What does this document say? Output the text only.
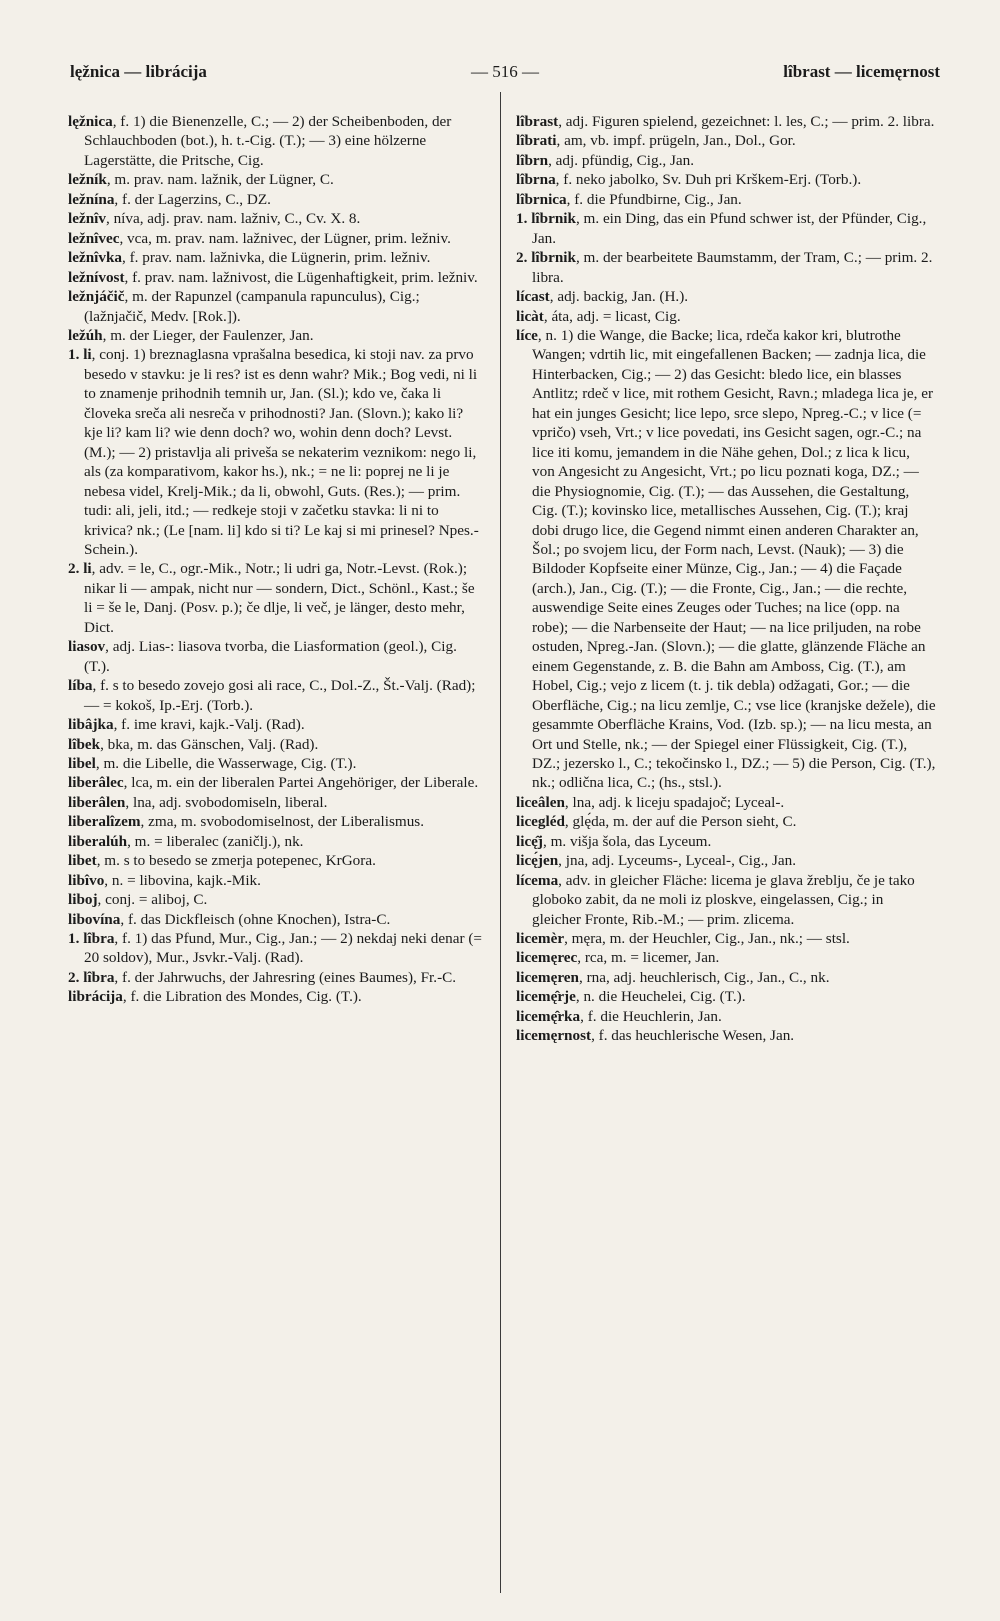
lęžnica — librácija	— 516 —	lîbrast — licemęrnost

lęžnica, f. 1) die Bienenzelle, C.; — 2) der Scheibenboden, der Schlauchboden (bot.), h. t.-Cig. (T.); — 3) eine hölzerne Lagerstätte, die Pritsche, Cig.

ležník, m. prav. nam. lažnik, der Lügner, C.

ležnína, f. der Lagerzins, C., DZ.

ležnîv, níva, adj. prav. nam. lažniv, C., Cv. X. 8.

ležnîvec, vca, m. prav. nam. lažnivec, der Lügner, prim. ležniv.

ležnîvka, f. prav. nam. lažnivka, die Lügnerin, prim. ležniv.

ležnívost, f. prav. nam. lažnivost, die Lügenhaftigkeit, prim. ležniv.

ležnjáčič, m. der Rapunzel (campanula rapunculus), Cig.; (lažnjačič, Medv. [Rok.]).

ležúh, m. der Lieger, der Faulenzer, Jan.

1. li, conj. 1) breznaglasna vprašalna besedica, ki stoji nav. za prvo besedo v stavku: je li res? ist es denn wahr? Mik.; Bog vedi, ni li to znamenje prihodnih temnih ur, Jan. (Sl.); kdo ve, čaka li človeka sreča ali nesreča v prihodnosti? Jan. (Slovn.); kako li? kje li? kam li? wie denn doch? wo, wohin denn doch? Levst. (M.); — 2) pristavlja ali priveša se nekaterim veznikom: nego li, als (za komparativom, kakor hs.), nk.; = ne li: poprej ne li je nebesa videl, Krelj-Mik.; da li, obwohl, Guts. (Res.); — prim. tudi: ali, jeli, itd.; — redkeje stoji v začetku stavka: li ni to krivica? nk.; (Le [nam. li] kdo si ti? Le kaj si mi prinesel? Npes.-Schein.).

2. li, adv. = le, C., ogr.-Mik., Notr.; li udri ga, Notr.-Levst. (Rok.); nikar li — ampak, nicht nur — sondern, Dict., Schönl., Kast.; še li = še le, Danj. (Posv. p.); če dlje, li več, je länger, desto mehr, Dict.

liasov, adj. Lias-: liasova tvorba, die Liasformation (geol.), Cig. (T.).

líba, f. s to besedo zovejo gosi ali race, C., Dol.-Z., Št.-Valj. (Rad); — = kokoš, Ip.-Erj. (Torb.).

libâjka, f. ime kravi, kajk.-Valj. (Rad).

lîbek, bka, m. das Gänschen, Valj. (Rad).

libel, m. die Libelle, die Wasserwage, Cig. (T.).

liberâlec, lca, m. ein der liberalen Partei Angehöriger, der Liberale.

liberâlen, lna, adj. svobodomiseln, liberal.

liberalîzem, zma, m. svobodomiselnost, der Liberalismus.

liberalúh, m. = liberalec (zaničlj.), nk.

libet, m. s to besedo se zmerja potepenec, KrGora.

libîvo, n. = libovina, kajk.-Mik.

liboj, conj. = aliboj, C.

libovína, f. das Dickfleisch (ohne Knochen), Istra-C.

1. lîbra, f. 1) das Pfund, Mur., Cig., Jan.; — 2) nekdaj neki denar (= 20 soldov), Mur., Jsvkr.-Valj. (Rad).

2. lîbra, f. der Jahrwuchs, der Jahresring (eines Baumes), Fr.-C.

librácija, f. die Libration des Mondes, Cig. (T.).

lîbrast, adj. Figuren spielend, gezeichnet: l. les, C.; — prim. 2. libra.

lîbrati, am, vb. impf. prügeln, Jan., Dol., Gor.

lîbrn, adj. pfündig, Cig., Jan.

lîbrna, f. neko jabolko, Sv. Duh pri Krškem-Erj. (Torb.).

lîbrnica, f. die Pfundbirne, Cig., Jan.

1. lîbrnik, m. ein Ding, das ein Pfund schwer ist, der Pfünder, Cig., Jan.

2. lîbrnik, m. der bearbeitete Baumstamm, der Tram, C.; — prim. 2. libra.

lícast, adj. backig, Jan. (H.).

licàt, áta, adj. = licast, Cig.

líce, n. 1) die Wange, die Backe; lica, rdeča kakor kri, blutrothe Wangen; vdrtih lic, mit eingefallenen Backen; — zadnja lica, die Hinterbacken, Cig.; — 2) das Gesicht: bledo lice, ein blasses Antlitz; rdeč v lice, mit rothem Gesicht, Ravn.; mladega lica je, er hat ein junges Gesicht; lice lepo, srce slepo, Npreg.-C.; v lice (= vpričo) vseh, Vrt.; v lice povedati, ins Gesicht sagen, ogr.-C.; na lice iti komu, jemandem in die Nähe gehen, Dol.; z lica k licu, von Angesicht zu Angesicht, Vrt.; po licu poznati koga, DZ.; — die Physiognomie, Cig. (T.); — das Aussehen, die Gestaltung, Cig. (T.); kovinsko lice, metallisches Aussehen, Cig. (T.); kraj dobi drugo lice, die Gegend nimmt einen anderen Charakter an, Šol.; po svojem licu, der Form nach, Levst. (Nauk); — 3) die Bildoder Kopfseite einer Münze, Cig., Jan.; — 4) die Façade (arch.), Jan., Cig. (T.); — die Fronte, Cig., Jan.; — die rechte, auswendige Seite eines Zeuges oder Tuches; na lice (opp. na robe); — die Narbenseite der Haut; — na lice priljuden, na robe ostuden, Npreg.-Jan. (Slovn.); — die glatte, glänzende Fläche an einem Gegenstande, z. B. die Bahn am Amboss, Cig. (T.), am Hobel, Cig.; vejo z licem (t. j. tik debla) odžagati, Gor.; — die Oberfläche, Cig.; na licu zemlje, C.; vse lice (kranjske dežele), die gesammte Oberfläche Krains, Vod. (Izb. sp.); — na licu mesta, an Ort und Stelle, nk.; — der Spiegel einer Flüssigkeit, Cig. (T.), DZ.; jezersko l., C.; tekočinsko l., DZ.; — 5) die Person, Cig. (T.), nk.; odlična lica, C.; (hs., stsl.).

liceâlen, lna, adj. k liceju spadajoč; Lyceal-.

licegléd, glę́da, m. der auf die Person sieht, C.

licę̂j, m. višja šola, das Lyceum.

licę́jen, jna, adj. Lyceums-, Lyceal-, Cig., Jan.

lícema, adv. in gleicher Fläche: licema je glava žreblju, če je tako globoko zabit, da ne moli iz ploskve, eingelassen, Cig.; in gleicher Fronte, Rib.-M.; — prim. zlicema.

licemèr, męra, m. der Heuchler, Cig., Jan., nk.; — stsl.

licemęrec, rca, m. = licemer, Jan.

licemęren, rna, adj. heuchlerisch, Cig., Jan., C., nk.

licemę̂rje, n. die Heuchelei, Cig. (T.).

licemę̂rka, f. die Heuchlerin, Jan.

licemęrnost, f. das heuchlerische Wesen, Jan.
